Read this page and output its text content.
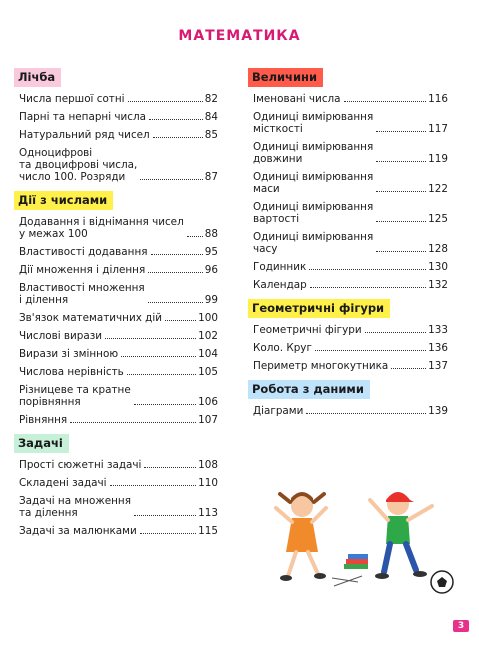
МАТЕМАТИКА
Лічба
Числа першої сотні	82
Парні та непарні числа	84
Натуральний ряд чисел	85
Одноцифрові
та двоцифрові числа,
число 100. Розряди	87
Дії з числами
Додавання і віднімання чисел
у межах 100	88
Властивості додавання	95
Дії множення і ділення	96
Властивості множення
і ділення	99
Зв'язок математичних дій	100
Числові вирази	102
Вирази зі змінною	104
Числова нерівність	105
Різницеве та кратне
порівняння	106
Рівняння	107
Задачі
Прості сюжетні задачі	108
Складені задачі	110
Задачі на множення
та ділення	113
Задачі за малюнками	115
Величини
Іменовані числа	116
Одиниці вимірювання
місткості	117
Одиниці вимірювання
довжини	119
Одиниці вимірювання
маси	122
Одиниці вимірювання
вартості	125
Одиниці вимірювання
часу	128
Годинник	130
Календар	132
Геометричні фігури
Геометричні фігури	133
Коло. Круг	136
Периметр многокутника	137
Робота з даними
Діаграми	139
3
